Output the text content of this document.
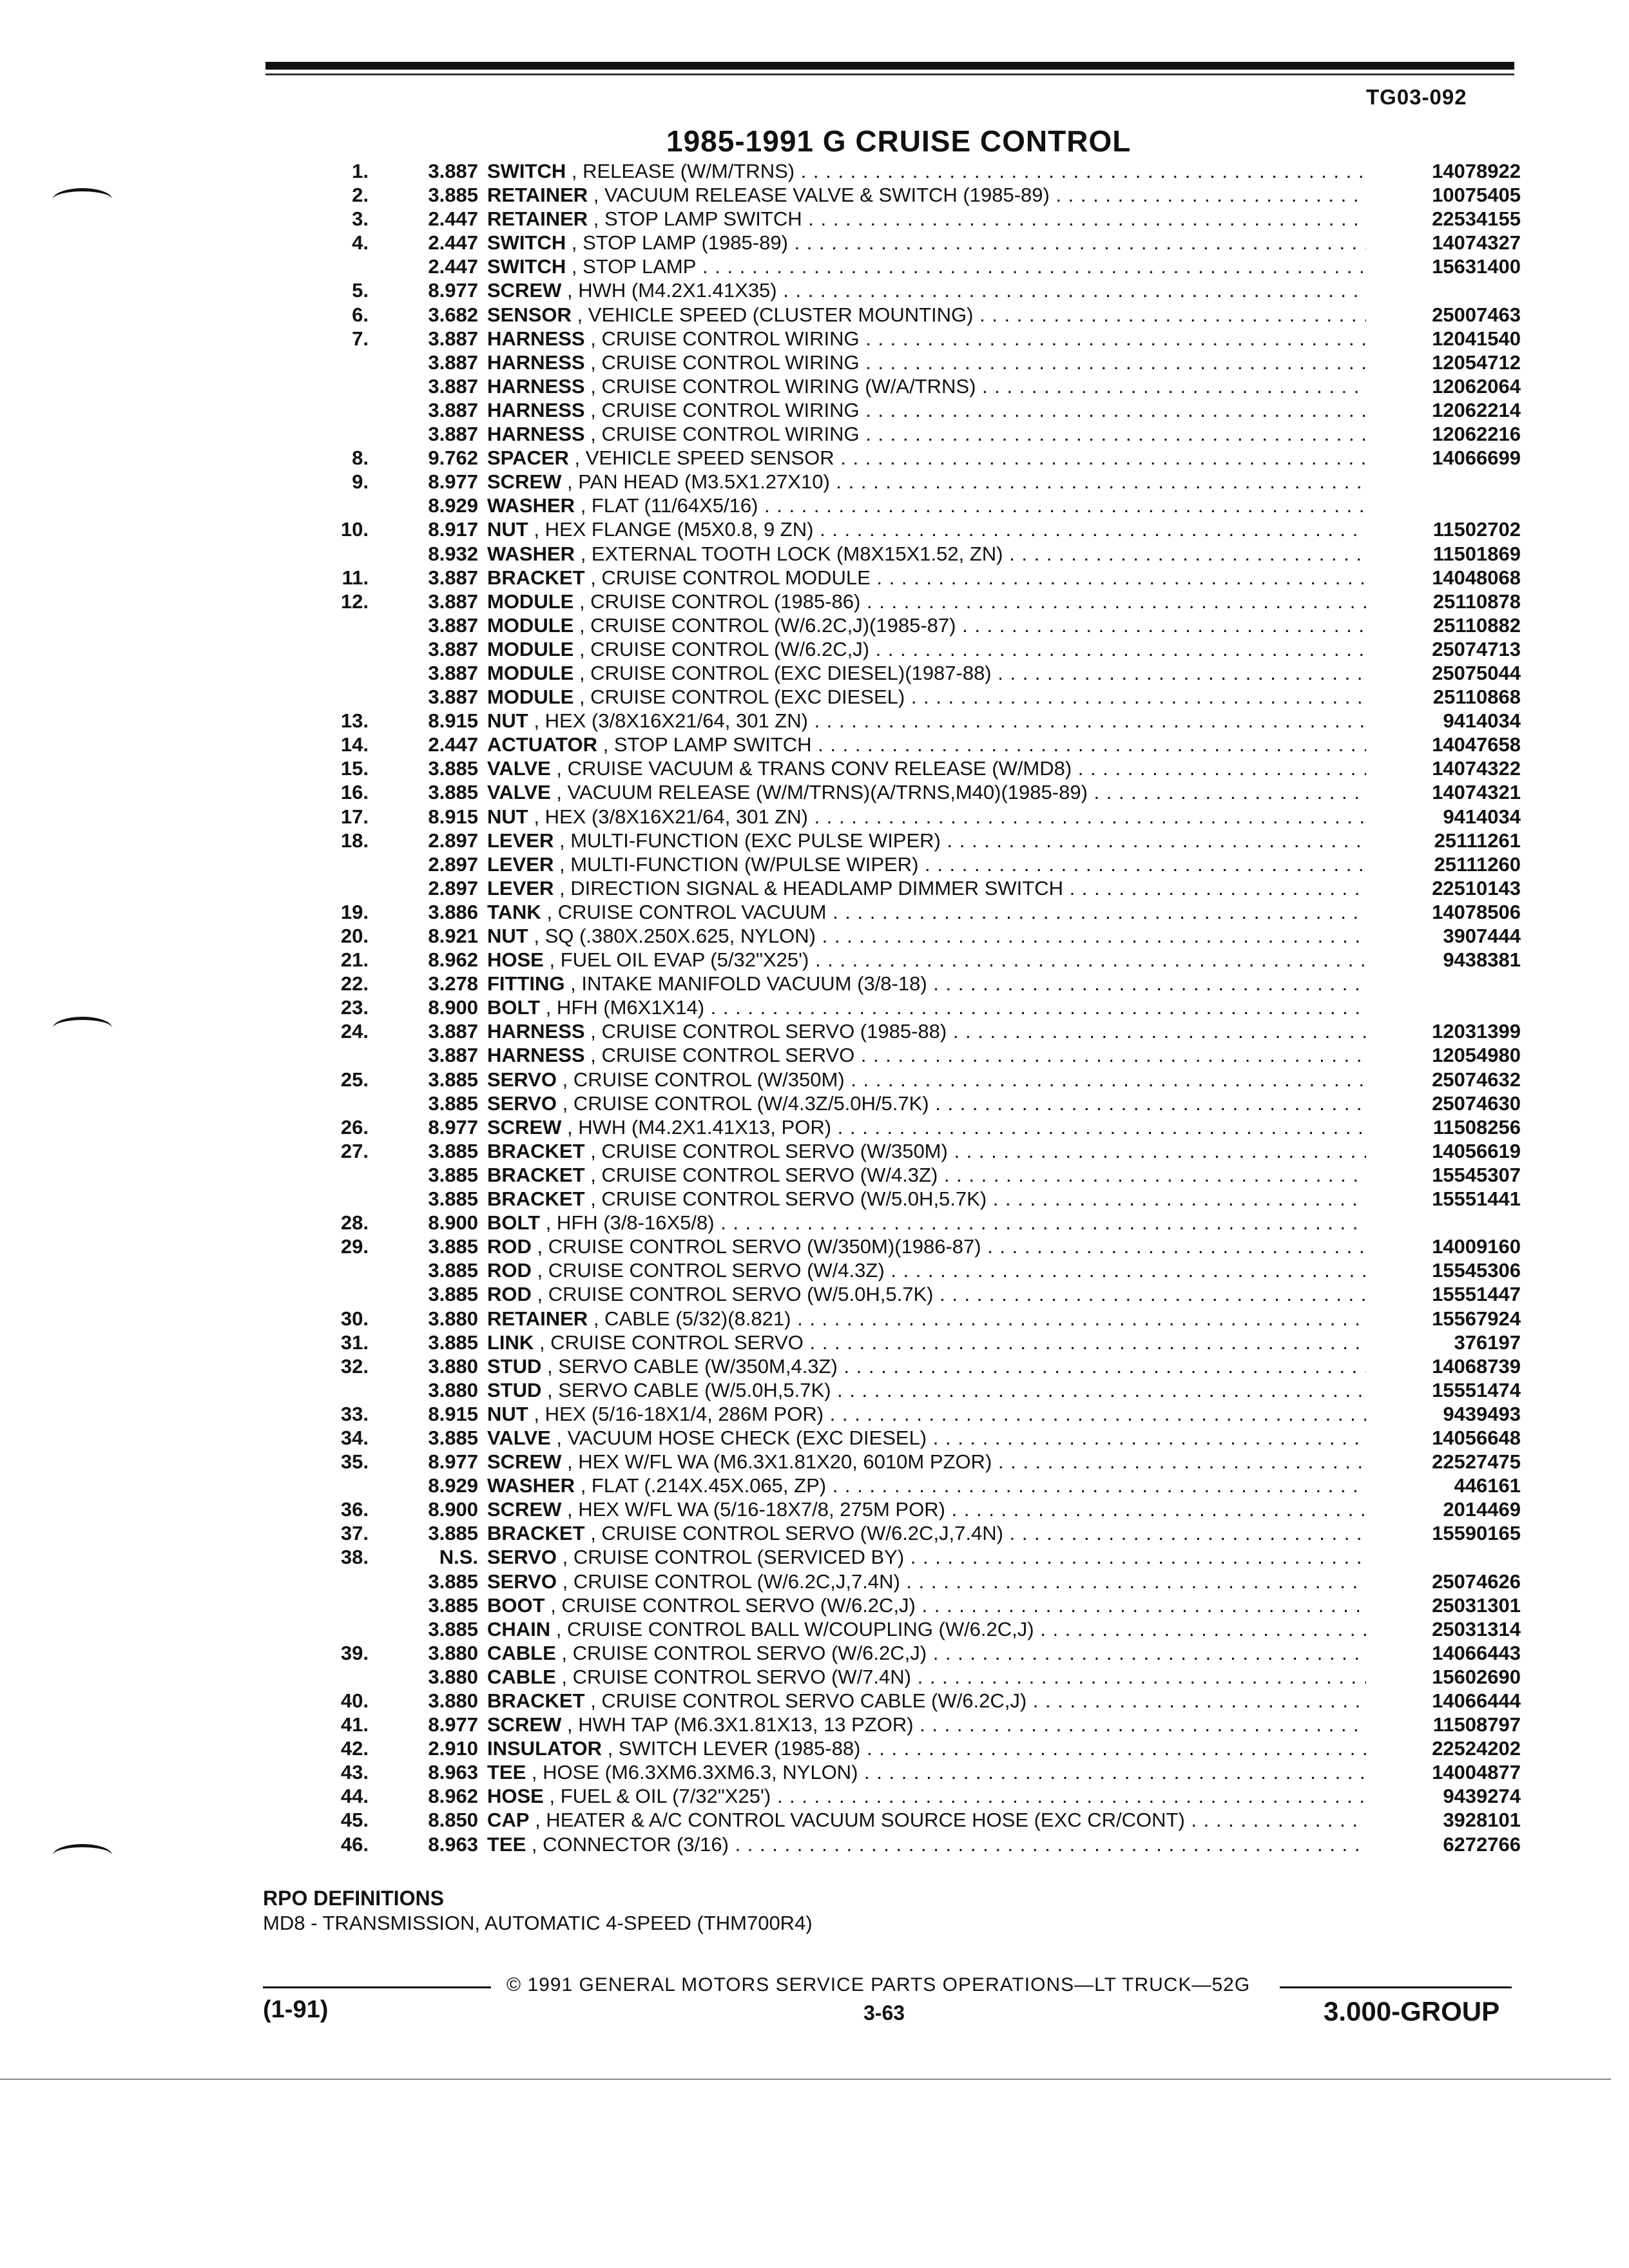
TG03-092
1985-1991 G CRUISE CONTROL
1.	3.887 SWITCH , RELEASE (W/M/TRNS) . . .	14078922
2.	3.885 RETAINER , VACUUM RELEASE VALVE & SWITCH (1985-89) . . .	10075405
3.	2.447 RETAINER , STOP LAMP SWITCH . . .	22534155
4.	2.447 SWITCH , STOP LAMP (1985-89) . . .	14074327
2.447 SWITCH , STOP LAMP . . .	15631400
5.	8.977 SCREW , HWH (M4.2X1.41X35) . . .
6.	3.682 SENSOR , VEHICLE SPEED (CLUSTER MOUNTING) . . .	25007463
7.	3.887 HARNESS , CRUISE CONTROL WIRING . . .	12041540
3.887 HARNESS , CRUISE CONTROL WIRING . . .	12054712
3.887 HARNESS , CRUISE CONTROL WIRING (W/A/TRNS) . . .	12062064
3.887 HARNESS , CRUISE CONTROL WIRING . . .	12062214
3.887 HARNESS , CRUISE CONTROL WIRING . . .	12062216
8.	9.762 SPACER , VEHICLE SPEED SENSOR . . .	14066699
9.	8.977 SCREW , PAN HEAD (M3.5X1.27X10) . . .
8.929 WASHER , FLAT (11/64X5/16) . . .
10.	8.917 NUT , HEX FLANGE (M5X0.8, 9 ZN) . . .	11502702
8.932 WASHER , EXTERNAL TOOTH LOCK (M8X15X1.52, ZN) . . .	11501869
11.	3.887 BRACKET , CRUISE CONTROL MODULE . . .	14048068
12.	3.887 MODULE , CRUISE CONTROL (1985-86) . . .	25110878
3.887 MODULE , CRUISE CONTROL (W/6.2C,J)(1985-87) . . .	25110882
3.887 MODULE , CRUISE CONTROL (W/6.2C,J) . . .	25074713
3.887 MODULE , CRUISE CONTROL (EXC DIESEL)(1987-88) . . .	25075044
3.887 MODULE , CRUISE CONTROL (EXC DIESEL) . . .	25110868
13.	8.915 NUT , HEX (3/8X16X21/64, 301 ZN) . . .	9414034
14.	2.447 ACTUATOR , STOP LAMP SWITCH . . .	14047658
15.	3.885 VALVE , CRUISE VACUUM & TRANS CONV RELEASE (W/MD8) . . .	14074322
16.	3.885 VALVE , VACUUM RELEASE (W/M/TRNS)(A/TRNS,M40)(1985-89) . . .	14074321
17.	8.915 NUT , HEX (3/8X16X21/64, 301 ZN) . . .	9414034
18.	2.897 LEVER , MULTI-FUNCTION (EXC PULSE WIPER) . . .	25111261
2.897 LEVER , MULTI-FUNCTION (W/PULSE WIPER) . . .	25111260
2.897 LEVER , DIRECTION SIGNAL & HEADLAMP DIMMER SWITCH . . .	22510143
19.	3.886 TANK , CRUISE CONTROL VACUUM . . .	14078506
20.	8.921 NUT , SQ (.380X.250X.625, NYLON) . . .	3907444
21.	8.962 HOSE , FUEL OIL EVAP (5/32"X25') . . .	9438381
22.	3.278 FITTING , INTAKE MANIFOLD VACUUM (3/8-18) . . .
23.	8.900 BOLT , HFH (M6X1X14) . . .
24.	3.887 HARNESS , CRUISE CONTROL SERVO (1985-88) . . .	12031399
3.887 HARNESS , CRUISE CONTROL SERVO . . .	12054980
25.	3.885 SERVO , CRUISE CONTROL (W/350M) . . .	25074632
3.885 SERVO , CRUISE CONTROL (W/4.3Z/5.0H/5.7K) . . .	25074630
26.	8.977 SCREW , HWH (M4.2X1.41X13, POR) . . .	11508256
27.	3.885 BRACKET , CRUISE CONTROL SERVO (W/350M) . . .	14056619
3.885 BRACKET , CRUISE CONTROL SERVO (W/4.3Z) . . .	15545307
3.885 BRACKET , CRUISE CONTROL SERVO (W/5.0H,5.7K) . . .	15551441
28.	8.900 BOLT , HFH (3/8-16X5/8) . . .
29.	3.885 ROD , CRUISE CONTROL SERVO (W/350M)(1986-87) . . .	14009160
3.885 ROD , CRUISE CONTROL SERVO (W/4.3Z) . . .	15545306
3.885 ROD , CRUISE CONTROL SERVO (W/5.0H,5.7K) . . .	15551447
30.	3.880 RETAINER , CABLE (5/32)(8.821) . . .	15567924
31.	3.885 LINK , CRUISE CONTROL SERVO . . .	376197
32.	3.880 STUD , SERVO CABLE (W/350M,4.3Z) . . .	14068739
3.880 STUD , SERVO CABLE (W/5.0H,5.7K) . . .	15551474
33.	8.915 NUT , HEX (5/16-18X1/4, 286M POR) . . .	9439493
34.	3.885 VALVE , VACUUM HOSE CHECK (EXC DIESEL) . . .	14056648
35.	8.977 SCREW , HEX W/FL WA (M6.3X1.81X20, 6010M PZOR) . . .	22527475
8.929 WASHER , FLAT (.214X.45X.065, ZP) . . .	446161
36.	8.900 SCREW , HEX W/FL WA (5/16-18X7/8, 275M POR) . . .	2014469
37.	3.885 BRACKET , CRUISE CONTROL SERVO (W/6.2C,J,7.4N) . . .	15590165
38.	N.S. SERVO , CRUISE CONTROL (SERVICED BY) . . .
3.885 SERVO , CRUISE CONTROL (W/6.2C,J,7.4N) . . .	25074626
3.885 BOOT , CRUISE CONTROL SERVO (W/6.2C,J) . . .	25031301
3.885 CHAIN , CRUISE CONTROL BALL W/COUPLING (W/6.2C,J) . . .	25031314
39.	3.880 CABLE , CRUISE CONTROL SERVO (W/6.2C,J) . . .	14066443
3.880 CABLE , CRUISE CONTROL SERVO (W/7.4N) . . .	15602690
40.	3.880 BRACKET , CRUISE CONTROL SERVO CABLE (W/6.2C,J) . . .	14066444
41.	8.977 SCREW , HWH TAP (M6.3X1.81X13, 13 PZOR) . . .	11508797
42.	2.910 INSULATOR , SWITCH LEVER (1985-88) . . .	22524202
43.	8.963 TEE , HOSE (M6.3XM6.3XM6.3, NYLON) . . .	14004877
44.	8.962 HOSE , FUEL & OIL (7/32"X25') . . .	9439274
45.	8.850 CAP , HEATER & A/C CONTROL VACUUM SOURCE HOSE (EXC CR/CONT) . . .	3928101
46.	8.963 TEE , CONNECTOR (3/16) . . .	6272766
RPO DEFINITIONS
MD8 - TRANSMISSION, AUTOMATIC 4-SPEED (THM700R4)
© 1991 GENERAL MOTORS SERVICE PARTS OPERATIONS—LT TRUCK—52G
(1-91)	3-63	3.000-GROUP
